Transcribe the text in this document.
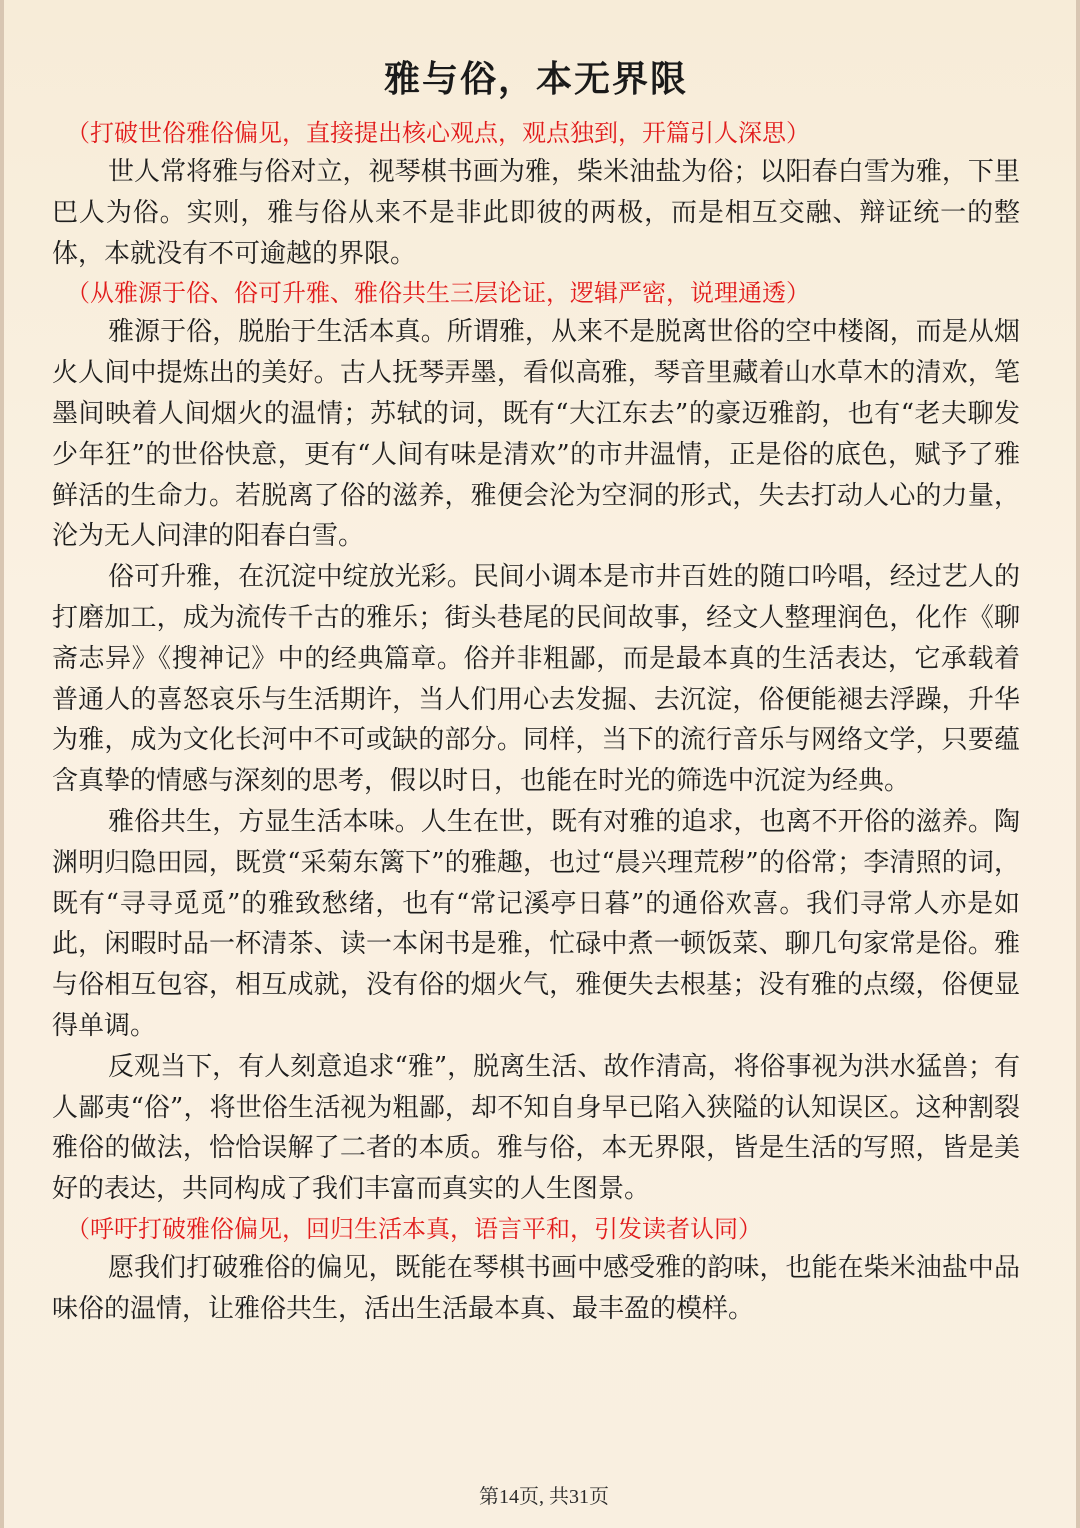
雅与俗，本无界限

（打破世俗雅俗偏见，直接提出核心观点，观点独到，开篇引人深思）

世人常将雅与俗对立，视琴棋书画为雅，柴米油盐为俗；以阳春白雪为雅，下里巴人为俗。实则，雅与俗从来不是非此即彼的两极，而是相互交融、辩证统一的整体，本就没有不可逾越的界限。

（从雅源于俗、俗可升雅、雅俗共生三层论证，逻辑严密，说理通透）

雅源于俗，脱胎于生活本真。所谓雅，从来不是脱离世俗的空中楼阁，而是从烟火人间中提炼出的美好。古人抚琴弄墨，看似高雅，琴音里藏着山水草木的清欢，笔墨间映着人间烟火的温情；苏轼的词，既有“大江东去”的豪迈雅韵，也有“老夫聊发少年狂”的世俗快意，更有“人间有味是清欢”的市井温情，正是俗的底色，赋予了雅鲜活的生命力。若脱离了俗的滋养，雅便会沦为空洞的形式，失去打动人心的力量，沦为无人问津的阳春白雪。

俗可升雅，在沉淀中绽放光彩。民间小调本是市井百姓的随口吟唱，经过艺人的打磨加工，成为流传千古的雅乐；街头巷尾的民间故事，经文人整理润色，化作《聊斋志异》《搜神记》中的经典篇章。俗并非粗鄙，而是最本真的生活表达，它承载着普通人的喜怒哀乐与生活期许，当人们用心去发掘、去沉淀，俗便能褪去浮躁，升华为雅，成为文化长河中不可或缺的部分。同样，当下的流行音乐与网络文学，只要蕴含真挚的情感与深刻的思考，假以时日，也能在时光的筛选中沉淀为经典。

雅俗共生，方显生活本味。人生在世，既有对雅的追求，也离不开俗的滋养。陶渊明归隐田园，既赏“采菊东篱下”的雅趣，也过“晨兴理荒秽”的俗常；李清照的词，既有“寻寻觅觅”的雅致愁绪，也有“常记溪亭日暮”的通俗欢喜。我们寻常人亦是如此，闲暇时品一杯清茶、读一本闲书是雅，忙碌中煮一顿饭菜、聊几句家常是俗。雅与俗相互包容，相互成就，没有俗的烟火气，雅便失去根基；没有雅的点缀，俗便显得单调。

反观当下，有人刻意追求“雅”，脱离生活、故作清高，将俗事视为洪水猛兽；有人鄙夷“俗”，将世俗生活视为粗鄙，却不知自身早已陷入狭隘的认知误区。这种割裂雅俗的做法，恰恰误解了二者的本质。雅与俗，本无界限，皆是生活的写照，皆是美好的表达，共同构成了我们丰富而真实的人生图景。

（呼吁打破雅俗偏见，回归生活本真，语言平和，引发读者认同）

愿我们打破雅俗的偏见，既能在琴棋书画中感受雅的韵味，也能在柴米油盐中品味俗的温情，让雅俗共生，活出生活最本真、最丰盈的模样。

第14页, 共31页
